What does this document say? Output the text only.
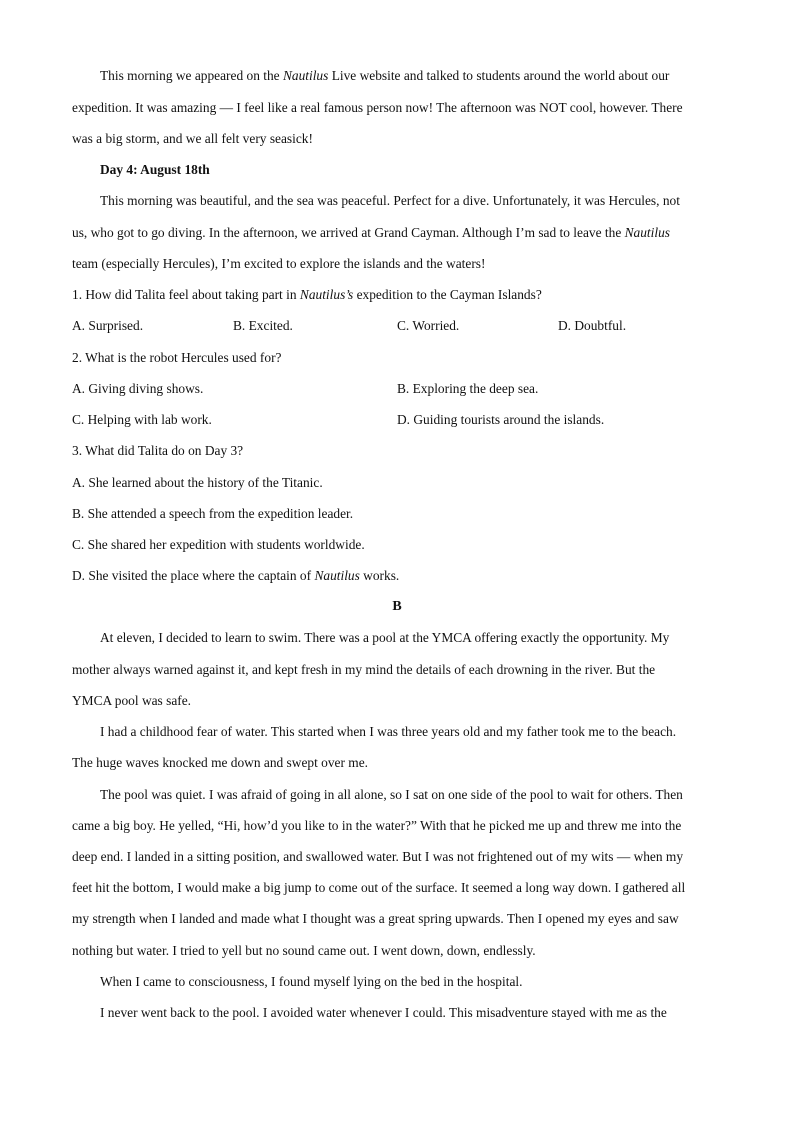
This morning we appeared on the Nautilus Live website and talked to students around the world about our
expedition. It was amazing — I feel like a real famous person now! The afternoon was NOT cool, however. There
was a big storm, and we all felt very seasick!
Day 4: August 18th
This morning was beautiful, and the sea was peaceful. Perfect for a dive. Unfortunately, it was Hercules, not
us, who got to go diving. In the afternoon, we arrived at Grand Cayman. Although I’m sad to leave the Nautilus
team (especially Hercules), I’m excited to explore the islands and the waters!
1. How did Talita feel about taking part in Nautilus’s expedition to the Cayman Islands?
A. Surprised.	B. Excited.	C. Worried.	D. Doubtful.
2. What is the robot Hercules used for?
A. Giving diving shows.	B. Exploring the deep sea.
C. Helping with lab work.	D. Guiding tourists around the islands.
3. What did Talita do on Day 3?
A. She learned about the history of the Titanic.
B. She attended a speech from the expedition leader.
C. She shared her expedition with students worldwide.
D. She visited the place where the captain of Nautilus works.
B
At eleven, I decided to learn to swim. There was a pool at the YMCA offering exactly the opportunity. My
mother always warned against it, and kept fresh in my mind the details of each drowning in the river. But the
YMCA pool was safe.
I had a childhood fear of water. This started when I was three years old and my father took me to the beach.
The huge waves knocked me down and swept over me.
The pool was quiet. I was afraid of going in all alone, so I sat on one side of the pool to wait for others. Then
came a big boy. He yelled, “Hi, how’d you like to in the water?” With that he picked me up and threw me into the
deep end. I landed in a sitting position, and swallowed water. But I was not frightened out of my wits — when my
feet hit the bottom, I would make a big jump to come out of the surface. It seemed a long way down. I gathered all
my strength when I landed and made what I thought was a great spring upwards. Then I opened my eyes and saw
nothing but water. I tried to yell but no sound came out. I went down, down, endlessly.
When I came to consciousness, I found myself lying on the bed in the hospital.
I never went back to the pool. I avoided water whenever I could. This misadventure stayed with me as the
